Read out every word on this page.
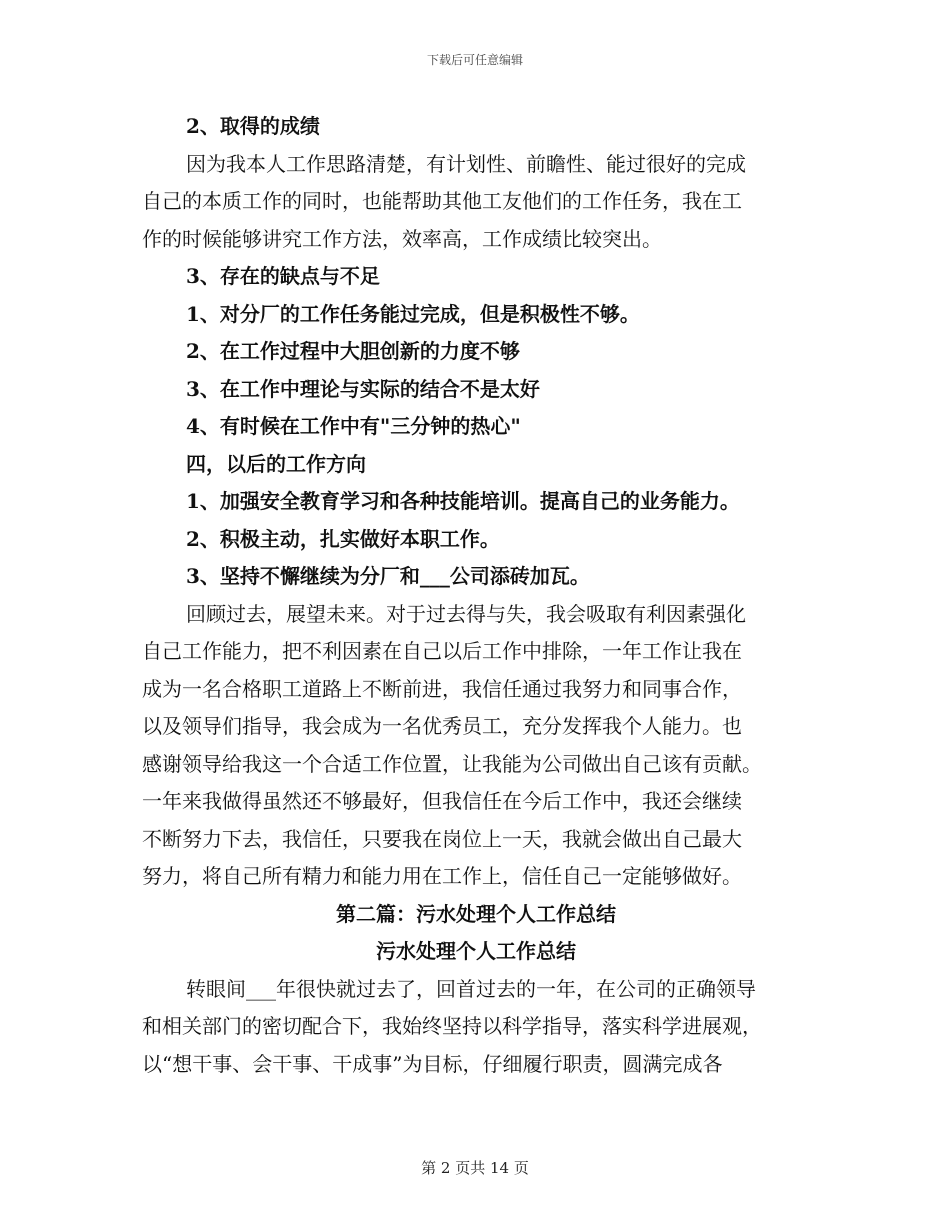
下载后可任意编辑
2、取得的成绩
因为我本人工作思路清楚，有计划性、前瞻性、能过很好的完成
自己的本质工作的同时，也能帮助其他工友他们的工作任务，我在工
作的时候能够讲究工作方法，效率高，工作成绩比较突出。
3、存在的缺点与不足
1、对分厂的工作任务能过完成，但是积极性不够。
2、在工作过程中大胆创新的力度不够
3、在工作中理论与实际的结合不是太好
4、有时候在工作中有"三分钟的热心"
四，以后的工作方向
1、加强安全教育学习和各种技能培训。提高自己的业务能力。
2、积极主动，扎实做好本职工作。
3、坚持不懈继续为分厂和___公司添砖加瓦。
回顾过去，展望未来。对于过去得与失，我会吸取有利因素强化
自己工作能力，把不利因素在自己以后工作中排除，一年工作让我在
成为一名合格职工道路上不断前进，我信任通过我努力和同事合作，
以及领导们指导，我会成为一名优秀员工，充分发挥我个人能力。也
感谢领导给我这一个合适工作位置，让我能为公司做出自己该有贡献。
一年来我做得虽然还不够最好，但我信任在今后工作中，我还会继续
不断努力下去，我信任，只要我在岗位上一天，我就会做出自己最大
努力，将自己所有精力和能力用在工作上，信任自己一定能够做好。
第二篇：污水处理个人工作总结
污水处理个人工作总结
转眼间___年很快就过去了，回首过去的一年，在公司的正确领导
和相关部门的密切配合下，我始终坚持以科学指导，落实科学进展观，
以“想干事、会干事、干成事”为目标，仔细履行职责，圆满完成各
第 2 页共 14 页
